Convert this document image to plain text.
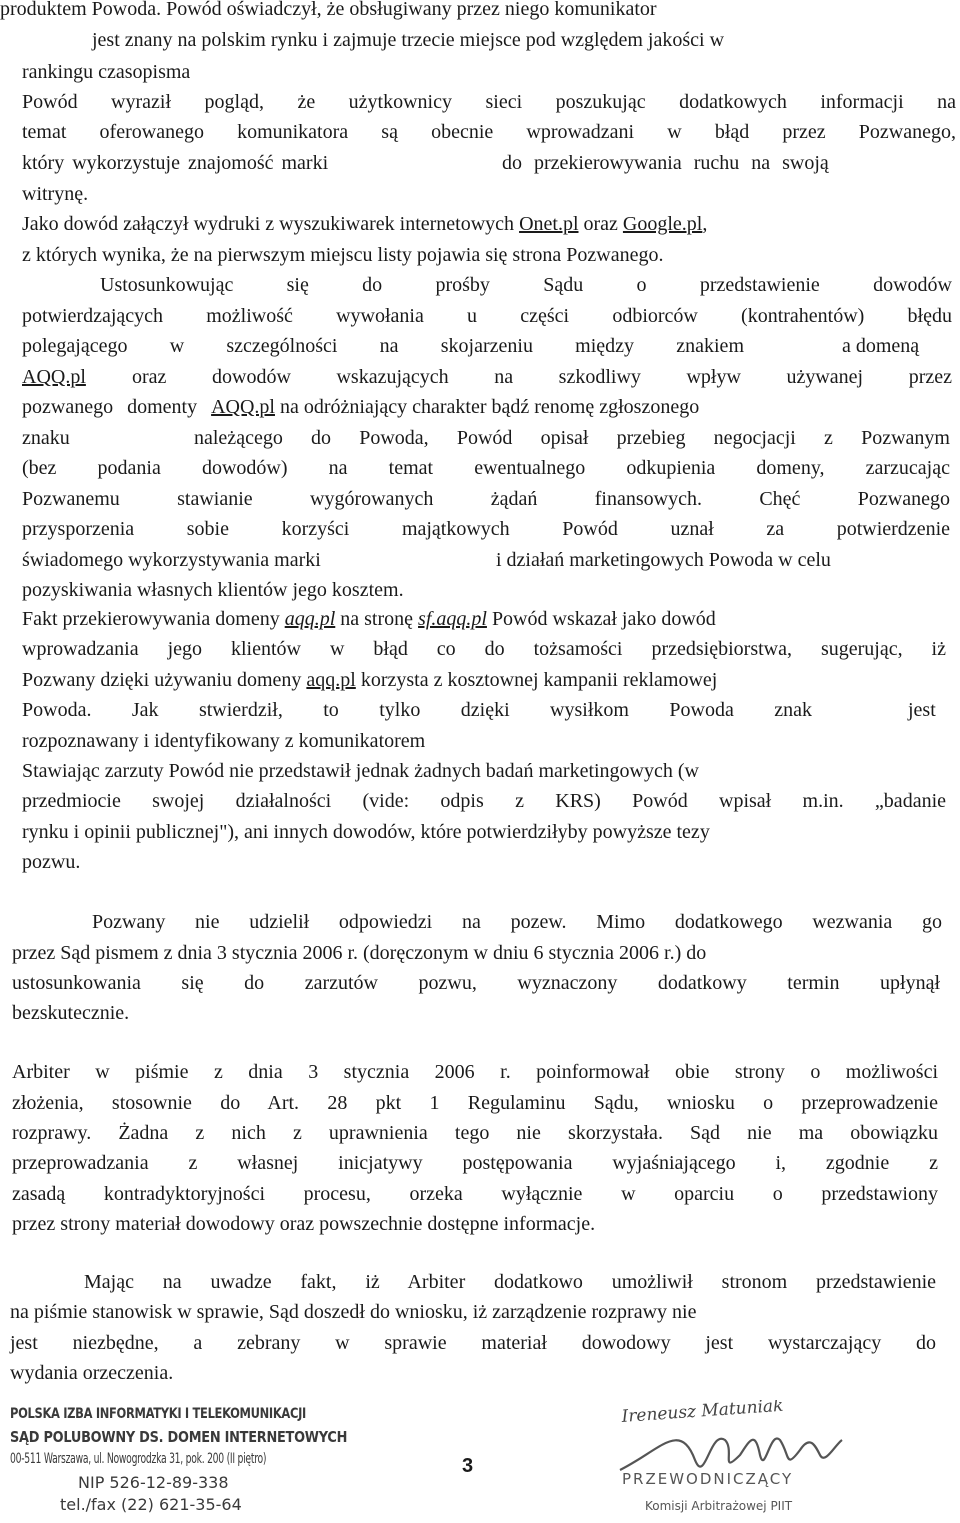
produktem Powoda. Powód oświadczył, że obsługiwany przez niego komunikator
jest znany na polskim rynku i zajmuje trzecie miejsce pod względem jakości w
rankingu czasopisma
Powód wyraził pogląd, że użytkownicy sieci poszukując dodatkowych informacji na
temat oferowanego komunikatora są obecnie wprowadzani w błąd przez Pozwanego,
który wykorzystuje znajomość marki	do przekierowywania ruchu na swoją
witrynę.
Jako dowód załączył wydruki z wyszukiwarek internetowych Onet.pl oraz Google.pl,
z których wynika, że na pierwszym miejscu listy pojawia się strona Pozwanego.
Ustosunkowując się do prośby Sądu o przedstawienie dowodów
potwierdzających możliwość wywołania u części odbiorców (kontrahentów) błędu
polegającego w szczególności na skojarzeniu między znakiem	a domeną
AQQ.pl oraz dowodów wskazujących na szkodliwy wpływ używanej przez
pozwanego domenty AQQ.pl na odróżniający charakter bądź renomę zgłoszonego
znaku	należącego do Powoda, Powód opisał przebieg negocjacji z Pozwanym
(bez podania dowodów) na temat ewentualnego odkupienia domeny, zarzucając
Pozwanemu stawianie wygórowanych żądań finansowych. Chęć Pozwanego
przysporzenia sobie korzyści majątkowych Powód uznał za potwierdzenie
świadomego wykorzystywania marki	i działań marketingowych Powoda w celu
pozyskiwania własnych klientów jego kosztem.
Fakt przekierowywania domeny aqq.pl na stronę sf.aqq.pl Powód wskazał jako dowód
wprowadzania jego klientów w błąd co do tożsamości przedsiębiorstwa, sugerując, iż
Pozwany dzięki używaniu domeny aqq.pl korzysta z kosztownej kampanii reklamowej
Powoda. Jak stwierdził, to tylko dzięki wysiłkom Powoda znak	jest
rozpoznawany i identyfikowany z komunikatorem
Stawiając zarzuty Powód nie przedstawił jednak żadnych badań marketingowych (w
przedmiocie swojej działalności (vide: odpis z KRS) Powód wpisał m.in. „badanie
rynku i opinii publicznej"), ani innych dowodów, które potwierdziłyby powyższe tezy
pozwu.
Pozwany nie udzielił odpowiedzi na pozew. Mimo dodatkowego wezwania go
przez Sąd pismem z dnia 3 stycznia 2006 r. (doręczonym w dniu 6 stycznia 2006 r.) do
ustosunkowania się do zarzutów pozwu, wyznaczony dodatkowy termin upłynął
bezskutecznie.
Arbiter w piśmie z dnia 3 stycznia 2006 r. poinformował obie strony o możliwości
złożenia, stosownie do Art. 28 pkt 1 Regulaminu Sądu, wniosku o przeprowadzenie
rozprawy. Żadna z nich z uprawnienia tego nie skorzystała. Sąd nie ma obowiązku
przeprowadzania z własnej inicjatywy postępowania wyjaśniającego i, zgodnie z
zasadą kontradyktoryjności procesu, orzeka wyłącznie w oparciu o przedstawiony
przez strony materiał dowodowy oraz powszechnie dostępne informacje.
Mając na uwadze fakt, iż Arbiter dodatkowo umożliwił stronom przedstawienie
na piśmie stanowisk w sprawie, Sąd doszedł do wniosku, iż zarządzenie rozprawy nie
jest niezbędne, a zebrany w sprawie materiał dowodowy jest wystarczający do
wydania orzeczenia.
POLSKA IZBA INFORMATYKI I TELEKOMUNIKACJI
SĄD POLUBOWNY DS. DOMEN INTERNETOWYCH
00-511 Warszawa, ul. Nowogrodzka 31, pok. 200 (II piętro)
NIP 526-12-89-338
tel./fax (22) 621-35-64
3
Ireneusz Matuniak
PRZEWODNICZĄCY
Komisji Arbitrażowej PIIT
